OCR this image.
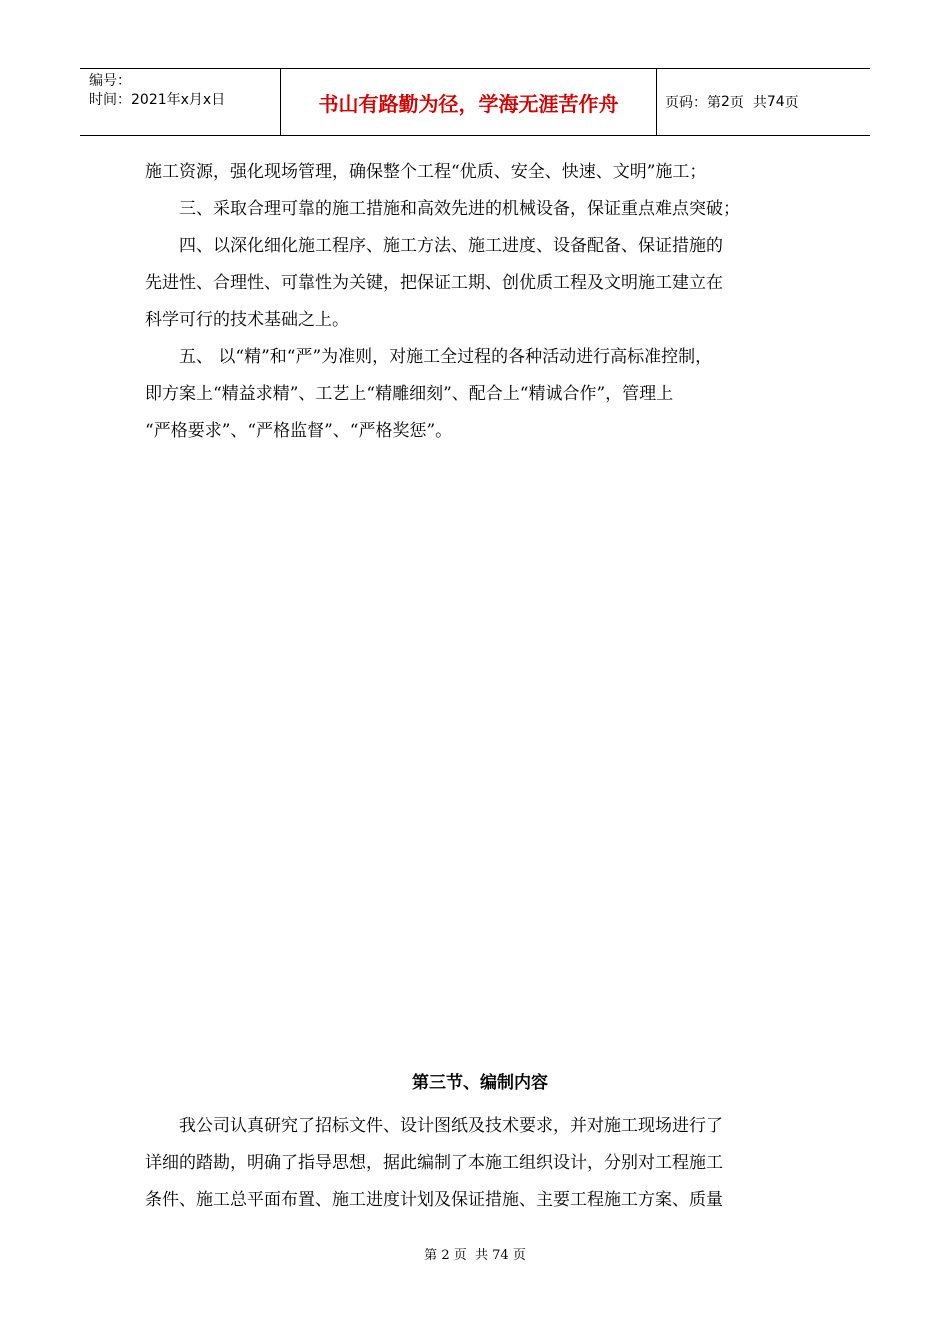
编号：
时间：2021年x月x日	书山有路勤为径，学海无涯苦作舟	页码：第 2 页  共 74 页
施工资源，强化现场管理，确保整个工程“优质、安全、快速、文明”施工；
三、采取合理可靠的施工措施和高效先进的机械设备，保证重点难点突破；
四、以深化细化施工程序、施工方法、施工进度、设备配备、保证措施的
先进性、合理性、可靠性为关键，把保证工期、创优质工程及文明施工建立在
科学可行的技术基础之上。
五、 以“精”和“严”为准则，对施工全过程的各种活动进行高标准控制，
即方案上“精益求精”、工艺上“精雕细刻”、配合上“精诚合作”，管理上
“严格要求”、“严格监督”、“严格奖惩”。
第三节、编制内容
我公司认真研究了招标文件、设计图纸及技术要求，并对施工现场进行了
详细的踏勘，明确了指导思想，据此编制了本施工组织设计，分别对工程施工
条件、施工总平面布置、施工进度计划及保证措施、主要工程施工方案、质量
第 2 页  共 74 页
